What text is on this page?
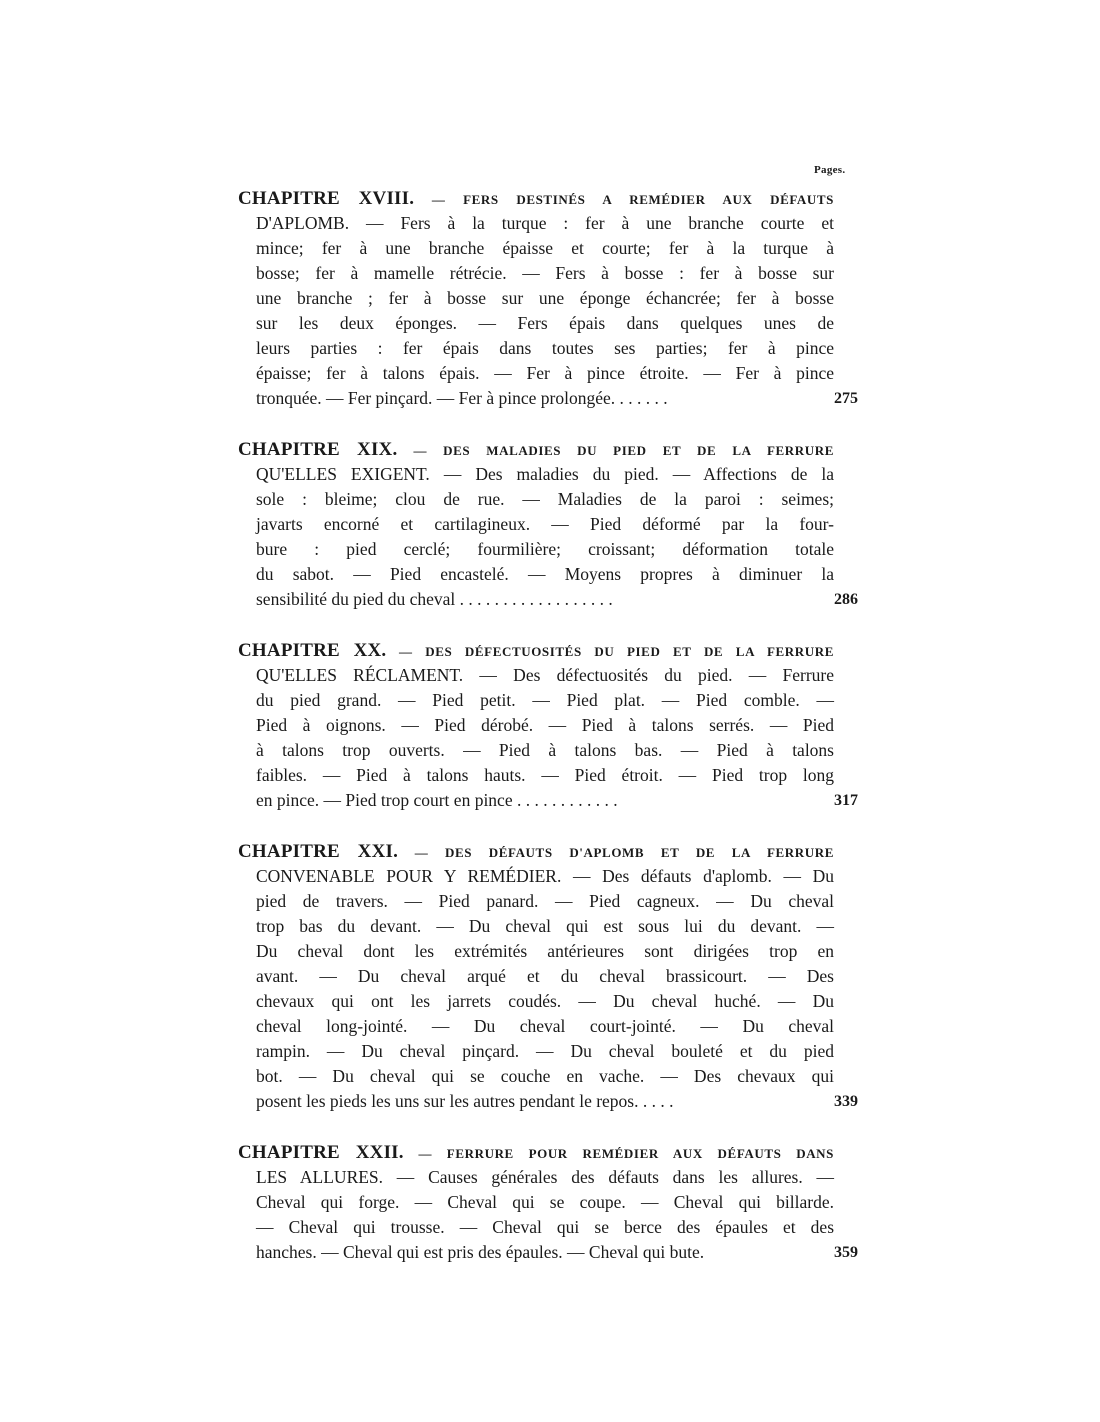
Pages.
CHAPITRE XVIII. — FERS DESTINÉS A REMÉDIER AUX DÉFAUTS
D'APLOMB. — Fers à la turque : fer à une branche courte et
mince; fer à une branche épaisse et courte; fer à la turque à
bosse; fer à mamelle rétrécie. — Fers à bosse : fer à bosse sur
une branche ; fer à bosse sur une éponge échancrée; fer à bosse
sur les deux éponges. — Fers épais dans quelques unes de
leurs parties : fer épais dans toutes ses parties; fer à pince
épaisse; fer à talons épais. — Fer à pince étroite. — Fer à pince
tronquée. — Fer pinçard. — Fer à pince prolongée. . . . . . .	275
CHAPITRE XIX. — DES MALADIES DU PIED ET DE LA FERRURE
QU'ELLES EXIGENT. — Des maladies du pied. — Affections de la
sole : bleime; clou de rue. — Maladies de la paroi : seimes;
javarts encorné et cartilagineux. — Pied déformé par la four-
bure : pied cerclé; fourmilière; croissant; déformation totale
du sabot. — Pied encastelé. — Moyens propres à diminuer la
sensibilité du pied du cheval . . . . . . . . . . . . . . . . . .	286
CHAPITRE XX. — DES DÉFECTUOSITÉS DU PIED ET DE LA FERRURE
QU'ELLES RÉCLAMENT. — Des défectuosités du pied. — Ferrure
du pied grand. — Pied petit. — Pied plat. — Pied comble. —
Pied à oignons. — Pied dérobé. — Pied à talons serrés. — Pied
à talons trop ouverts. — Pied à talons bas. — Pied à talons
faibles. — Pied à talons hauts. — Pied étroit. — Pied trop long
en pince. — Pied trop court en pince . . . . . . . . . . . .	317
CHAPITRE XXI. — DES DÉFAUTS D'APLOMB ET DE LA FERRURE
CONVENABLE POUR Y REMÉDIER. — Des défauts d'aplomb. — Du
pied de travers. — Pied panard. — Pied cagneux. — Du cheval
trop bas du devant. — Du cheval qui est sous lui du devant. —
Du cheval dont les extrémités antérieures sont dirigées trop en
avant. — Du cheval arqué et du cheval brassicourt. — Des
chevaux qui ont les jarrets coudés. — Du cheval huché. — Du
cheval long-jointé. — Du cheval court-jointé. — Du cheval
rampin. — Du cheval pinçard. — Du cheval bouleté et du pied
bot. — Du cheval qui se couche en vache. — Des chevaux qui
posent les pieds les uns sur les autres pendant le repos. . . . .	339
CHAPITRE XXII. — FERRURE POUR REMÉDIER AUX DÉFAUTS DANS
LES ALLURES. — Causes générales des défauts dans les allures. —
Cheval qui forge. — Cheval qui se coupe. — Cheval qui billarde.
— Cheval qui trousse. — Cheval qui se berce des épaules et des
hanches. — Cheval qui est pris des épaules. — Cheval qui bute.	359
